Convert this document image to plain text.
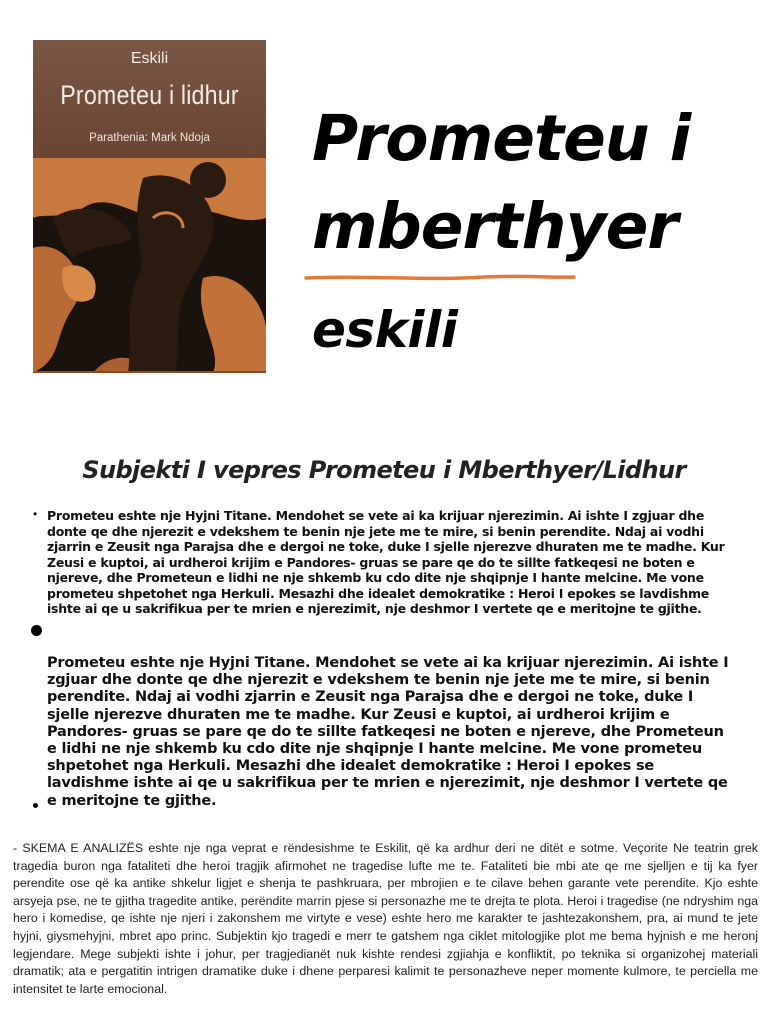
Eskili
Prometeu i lidhur
Parathenia: Mark Ndoja	Prometeu i
mberthyer
eskili
Subjekti I vepres Prometeu i Mberthyer/Lidhur
• Prometeu eshte nje Hyjni Titane. Mendohet se vete ai ka krijuar njerezimin. Ai ishte I zgjuar dhe donte qe dhe njerezit e vdekshem te benin nje jete me te mire, si benin perendite. Ndaj ai vodhi zjarrin e Zeusit nga Parajsa dhe e dergoi ne toke, duke I sjelle njerezve dhuraten me te madhe. Kur Zeusi e kuptoi, ai urdheroi krijim e Pandores- gruas se pare qe do te sillte fatkeqesi ne boten e njereve, dhe Prometeun e lidhi ne nje shkemb ku cdo dite nje shqipnje I hante melcine. Me vone prometeu shpetohet nga Herkuli. Mesazhi dhe idealet demokratike : Heroi I epokes se lavdishme ishte ai qe u sakrifikua per te mrien e njerezimit, nje deshmor I vertete qe e meritojne te gjithe.
Prometeu eshte nje Hyjni Titane. Mendohet se vete ai ka krijuar njerezimin. Ai ishte I zgjuar dhe donte qe dhe njerezit e vdekshem te benin nje jete me te mire, si benin perendite. Ndaj ai vodhi zjarrin e Zeusit nga Parajsa dhe e dergoi ne toke, duke I sjelle njerezve dhuraten me te madhe. Kur Zeusi e kuptoi, ai urdheroi krijim e Pandores- gruas se pare qe do te sillte fatkeqesi ne boten e njereve, dhe Prometeun e lidhi ne nje shkemb ku cdo dite nje shqipnje I hante melcine. Me vone prometeu shpetohet nga Herkuli. Mesazhi dhe idealet demokratike : Heroi I epokes se lavdishme ishte ai qe u sakrifikua per te mrien e njerezimit, nje deshmor I vertete qe e meritojne te gjithe.
- SKEMA E ANALIZËS eshte nje nga veprat e rëndesishme te Eskilit, që ka ardhur deri ne ditët e sotme. Veçorite Ne teatrin grek tragedia buron nga fataliteti dhe heroi tragjik afirmohet ne tragedise lufte me te. Fataliteti bie mbi ate qe me sjelljen e tij ka fyer perendite ose që ka antike shkelur ligjet e shenja te pashkruara, per mbrojien e te cilave behen garante vete perendite. Kjo eshte arsyeja pse, ne te gjitha tragedite antike, perëndite marrin pjese si personazhe me te drejta te plota. Heroi i tragedise (ne ndryshim nga hero i komedise, qe ishte nje njeri i zakonshem me virtyte e vese) eshte hero me karakter te jashtezakonshem, pra, ai mund te jete hyjni, giysmehyjni, mbret apo princ. Subjektin kjo tragedi e merr te gatshem nga ciklet mitologjike plot me bema hyjnish e me heronj legjendare. Mege subjekti ishte i johur, per tragjedianët nuk kishte rendesi zgjiahja e konfliktit, po teknika si organizohej materiali dramatik; ata e pergatitin intrigen dramatike duke i dhene perparesi kalimit te personazheve neper momente kulmore, te perciella me intensitet te larte emocional.
